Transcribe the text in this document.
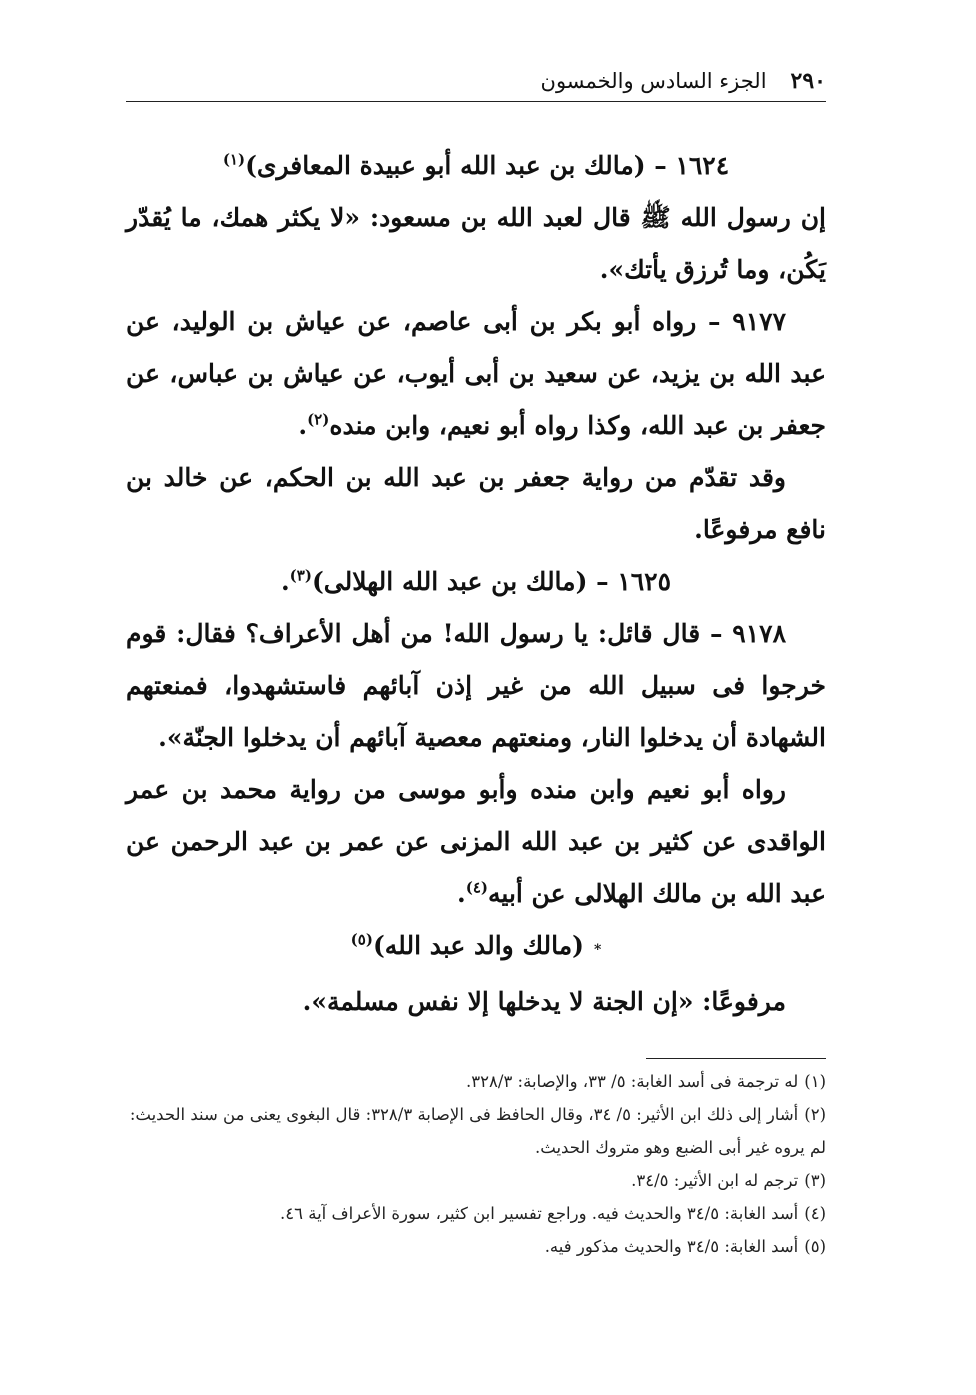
٢٩٠
الجزء السادس والخمسون

١٦٢٤ – (مالك بن عبد الله أبو عبيدة المعافرى)$^{(١)}$

إن رسول الله ﷺ قال لعبد الله بن مسعود: «لا يكثر همك، ما يُقدّر يَكُن، وما تُرزق يأتك».

٩١٧٧ – رواه أبو بكر بن أبى عاصم، عن عياش بن الوليد، عن عبد الله بن يزيد، عن سعيد بن أبى أيوب، عن عياش بن عباس، عن جعفر بن عبد الله، وكذا رواه أبو نعيم، وابن منده$^{(٢)}$.

وقد تقدّم من رواية جعفر بن عبد الله بن الحكم، عن خالد بن نافع مرفوعًا.

١٦٢٥ – (مالك بن عبد الله الهلالى)$^{(٣)}$.

٩١٧٨ – قال قائل: يا رسول الله! من أهل الأعراف؟ فقال: قوم خرجوا فى سبيل الله من غير إذن آبائهم فاستشهدوا، فمنعتهم الشهادة أن يدخلوا النار، ومنعتهم معصية آبائهم أن يدخلوا الجنّة».

رواه أبو نعيم وابن منده وأبو موسى من رواية محمد بن عمر الواقدى عن كثير بن عبد الله المزنى عن عمر بن عبد الرحمن عن عبد الله بن مالك الهلالى عن أبيه$^{(٤)}$.

*(مالك والد عبد الله)$^{(٥)}$

مرفوعًا: «إن الجنة لا يدخلها إلا نفس مسلمة».

(١)له ترجمة فى أسد الغابة: ٥/ ٣٣، والإصابة: ٣٢٨/٣.

(٢)أشار إلى ذلك ابن الأثير: ٥/ ٣٤، وقال الحافظ فى الإصابة ٣٢٨/٣: قال البغوى يعنى من سند الحديث: لم يروه غير أبى الضبع وهو متروك الحديث.

(٣)ترجم له ابن الأثير: ٣٤/٥.

(٤)أسد الغابة: ٣٤/٥ والحديث فيه. وراجع تفسير ابن كثير، سورة الأعراف آية ٤٦.

(٥)أسد الغابة: ٣٤/٥ والحديث مذكور فيه.
